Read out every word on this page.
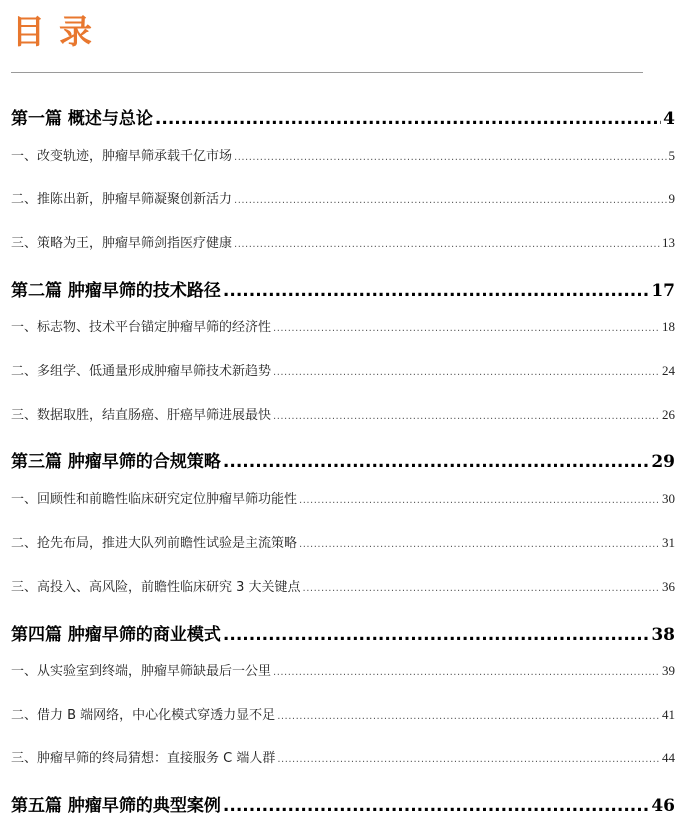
目录
第一篇 概述与总论 .....	4
一、改变轨迹，肿瘤早筛承载千亿市场 .....	5
二、推陈出新，肿瘤早筛凝聚创新活力 .....	9
三、策略为王，肿瘤早筛剑指医疗健康 .....	13
第二篇 肿瘤早筛的技术路径 .....	17
一、标志物、技术平台锚定肿瘤早筛的经济性 .....	18
二、多组学、低通量形成肿瘤早筛技术新趋势 .....	24
三、数据取胜，结直肠癌、肝癌早筛进展最快 .....	26
第三篇 肿瘤早筛的合规策略 .....	29
一、回顾性和前瞻性临床研究定位肿瘤早筛功能性 .....	30
二、抢先布局，推进大队列前瞻性试验是主流策略 .....	31
三、高投入、高风险，前瞻性临床研究 3 大关键点 .....	36
第四篇 肿瘤早筛的商业模式 .....	38
一、从实验室到终端，肿瘤早筛缺最后一公里 .....	39
二、借力 B 端网络，中心化模式穿透力显不足 .....	41
三、肿瘤早筛的终局猜想：直接服务 C 端人群 .....	44
第五篇 肿瘤早筛的典型案例 .....	46
